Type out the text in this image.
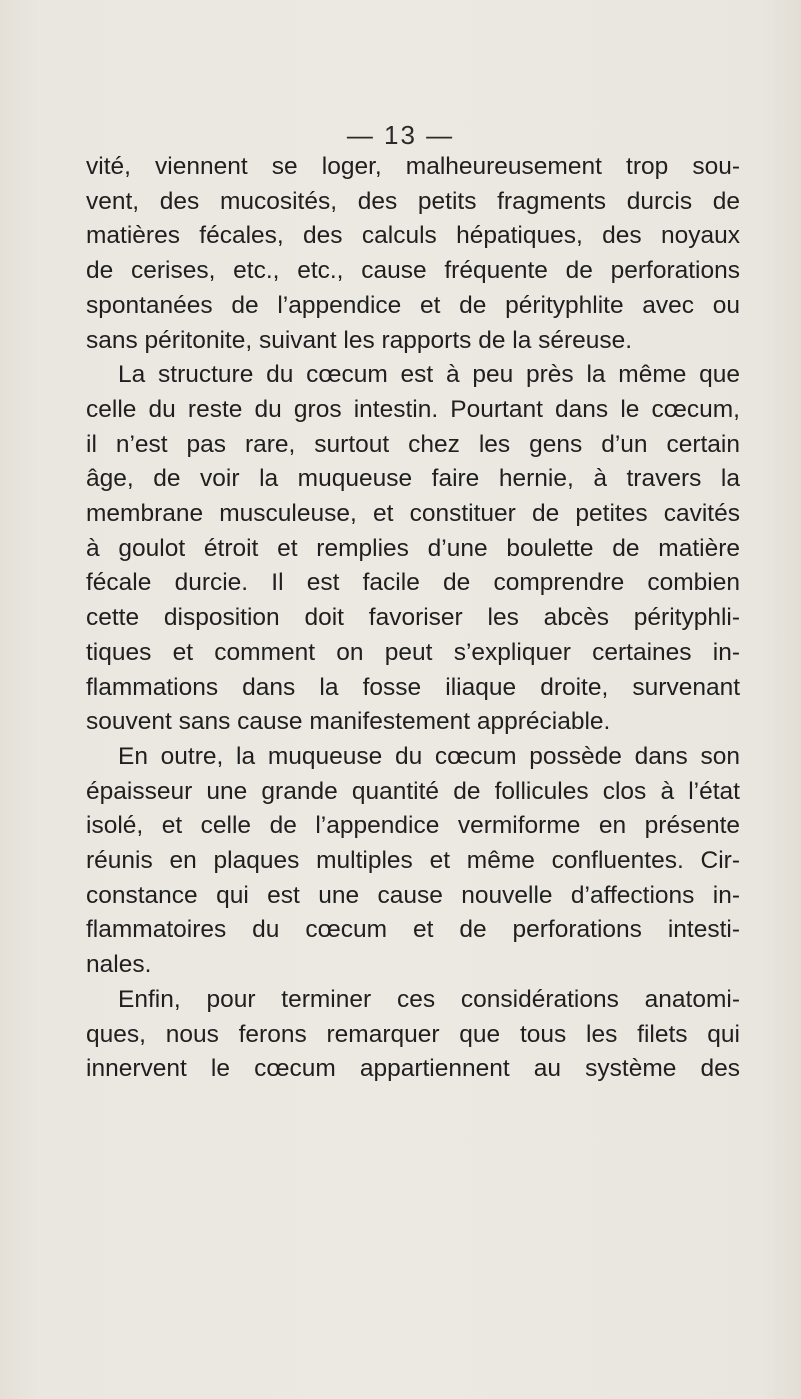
— 13 —

vité, viennent se loger, malheureusement trop sou-
vent, des mucosités, des petits fragments durcis de
matières fécales, des calculs hépatiques, des noyaux
de cerises, etc., etc., cause fréquente de perforations
spontanées de l’appendice et de pérityphlite avec ou
sans péritonite, suivant les rapports de la séreuse.

La structure du cœcum est à peu près la même que
celle du reste du gros intestin. Pourtant dans le cœcum,
il n’est pas rare, surtout chez les gens d’un certain
âge, de voir la muqueuse faire hernie, à travers la
membrane musculeuse, et constituer de petites cavités
à goulot étroit et remplies d’une boulette de matière
fécale durcie. Il est facile de comprendre combien
cette disposition doit favoriser les abcès pérityphli-
tiques et comment on peut s’expliquer certaines in-
flammations dans la fosse iliaque droite, survenant
souvent sans cause manifestement appréciable.

En outre, la muqueuse du cœcum possède dans son
épaisseur une grande quantité de follicules clos à l’état
isolé, et celle de l’appendice vermiforme en présente
réunis en plaques multiples et même confluentes. Cir-
constance qui est une cause nouvelle d’affections in-
flammatoires du cœcum et de perforations intesti-
nales.

Enfin, pour terminer ces considérations anatomi-
ques, nous ferons remarquer que tous les filets qui
innervent le cœcum appartiennent au système des
